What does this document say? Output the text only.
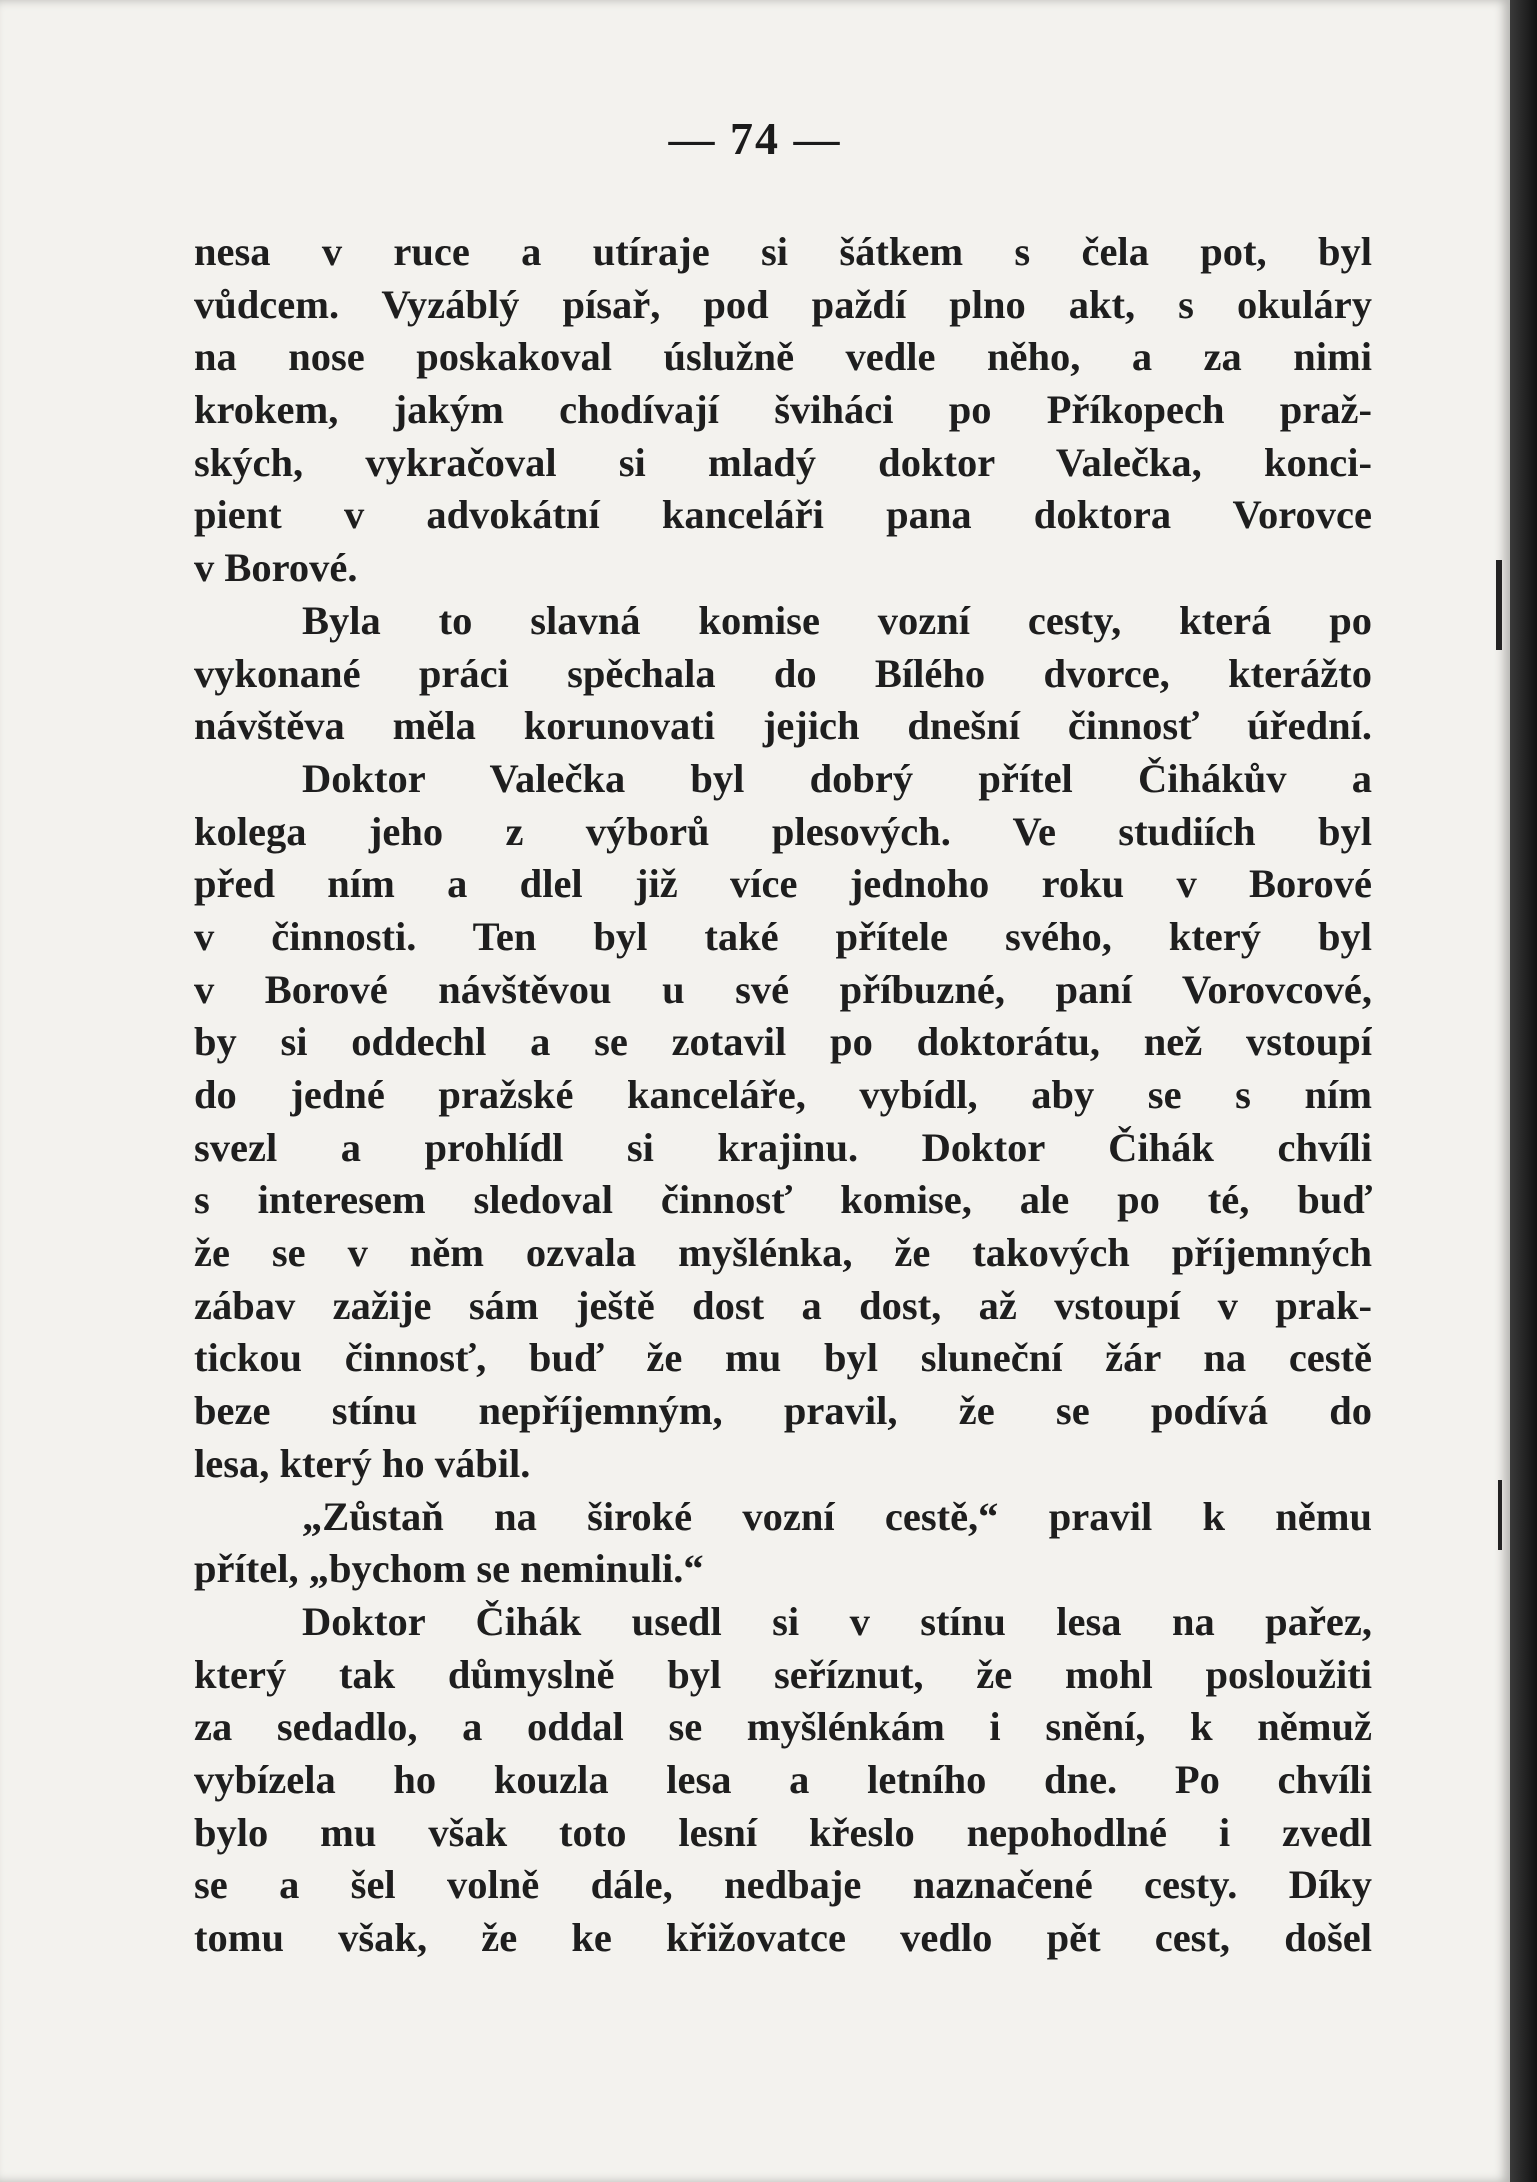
— 74 —
nesa v ruce a utíraje si šátkem s čela pot, byl
vůdcem. Vyzáblý písař, pod paždí plno akt, s okuláry
na nose poskakoval úslužně vedle něho, a za nimi
krokem, jakým chodívají šviháci po Příkopech praž-
ských, vykračoval si mladý doktor Valečka, konci-
pient v advokátní kanceláři pana doktora Vorovce
v Borové.
Byla to slavná komise vozní cesty, která po
vykonané práci spěchala do Bílého dvorce, kterážto
návštěva měla korunovati jejich dnešní činnosť úřední.
Doktor Valečka byl dobrý přítel Čihákův a
kolega jeho z výborů plesových. Ve studiích byl
před ním a dlel již více jednoho roku v Borové
v činnosti. Ten byl také přítele svého, který byl
v Borové návštěvou u své příbuzné, paní Vorovcové,
by si oddechl a se zotavil po doktorátu, než vstoupí
do jedné pražské kanceláře, vybídl, aby se s ním
svezl a prohlídl si krajinu. Doktor Čihák chvíli
s interesem sledoval činnosť komise, ale po té, buď
že se v něm ozvala myšlénka, že takových příjemných
zábav zažije sám ještě dost a dost, až vstoupí v prak-
tickou činnosť, buď že mu byl sluneční žár na cestě
beze stínu nepříjemným, pravil, že se podívá do
lesa, který ho vábil.
„Zůstaň na široké vozní cestě,“ pravil k němu
přítel, „bychom se neminuli.“
Doktor Čihák usedl si v stínu lesa na pařez,
který tak důmyslně byl seříznut, že mohl posloužiti
za sedadlo, a oddal se myšlénkám i snění, k němuž
vybízela ho kouzla lesa a letního dne. Po chvíli
bylo mu však toto lesní křeslo nepohodlné i zvedl
se a šel volně dále, nedbaje naznačené cesty. Díky
tomu však, že ke křižovatce vedlo pět cest, došel
